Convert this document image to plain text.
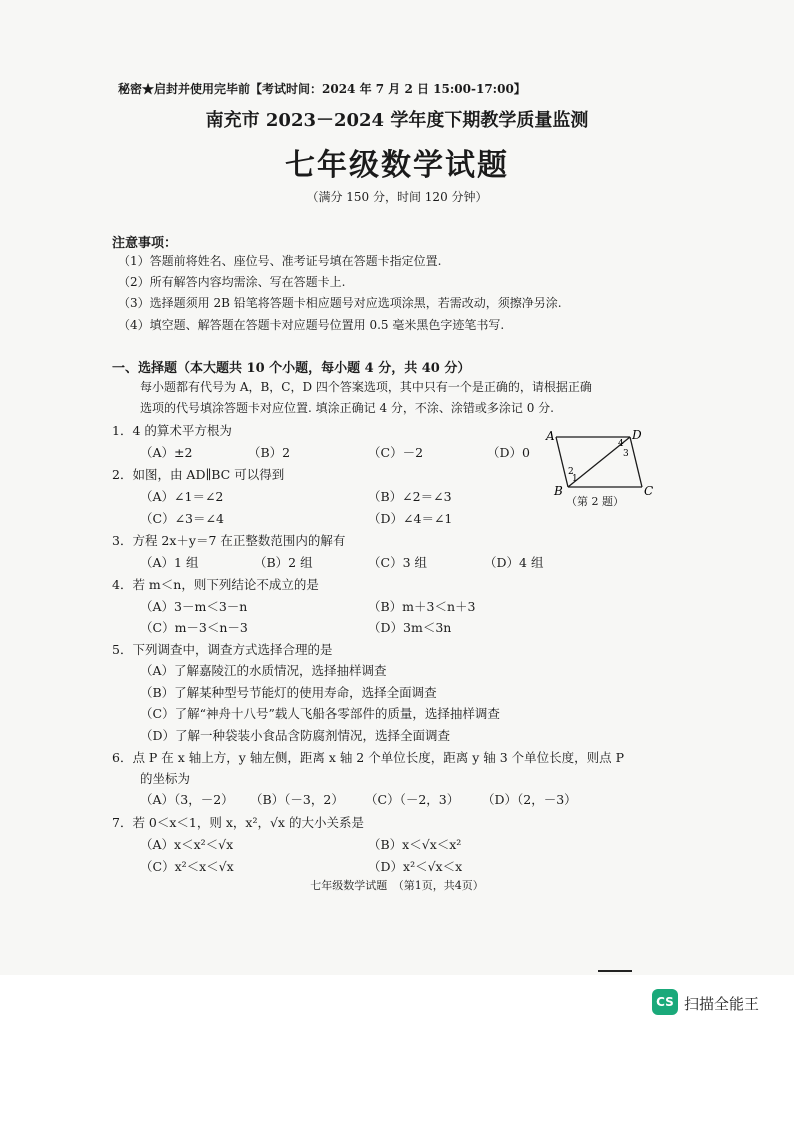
秘密★启封并使用完毕前【考试时间：2024 年 7 月 2 日 15:00-17:00】
南充市 2023－2024 学年度下期教学质量监测
七年级数学试题
（满分 150 分，时间 120 分钟）
注意事项：
（1）答题前将姓名、座位号、准考证号填在答题卡指定位置.
（2）所有解答内容均需涂、写在答题卡上.
（3）选择题须用 2B 铅笔将答题卡相应题号对应选项涂黑，若需改动，须擦净另涂.
（4）填空题、解答题在答题卡对应题号位置用 0.5 毫米黑色字迹笔书写.
一、选择题（本大题共 10 个小题，每小题 4 分，共 40 分）
每小题都有代号为 A，B，C，D 四个答案选项，其中只有一个是正确的，请根据正确
选项的代号填涂答题卡对应位置. 填涂正确记 4 分，不涂、涂错或多涂记 0 分.
1．4 的算术平方根为
（A）±2	（B）2	（C）－2	（D）0
2．如图，由 AD∥BC 可以得到
（A）∠1＝∠2	（B）∠2＝∠3
（C）∠3＝∠4	（D）∠4＝∠1
A	D
B	C
1
2
3
4
（第 2 题）
3．方程 2x＋y＝7 在正整数范围内的解有
（A）1 组	（B）2 组	（C）3 组	（D）4 组
4．若 m＜n，则下列结论不成立的是
（A）3－m＜3－n	（B）m＋3＜n＋3
（C）m－3＜n－3	（D）3m＜3n
5．下列调查中，调查方式选择合理的是
（A）了解嘉陵江的水质情况，选择抽样调查
（B）了解某种型号节能灯的使用寿命，选择全面调查
（C）了解“神舟十八号”载人飞船各零部件的质量，选择抽样调查
（D）了解一种袋装小食品含防腐剂情况，选择全面调查
6．点 P 在 x 轴上方，y 轴左侧，距离 x 轴 2 个单位长度，距离 y 轴 3 个单位长度，则点 P
的坐标为
（A）（3，－2） （B）（－3，2） （C）（－2，3） （D）（2，－3）
7．若 0＜x＜1，则 x，x²，√x 的大小关系是
（A）x＜x²＜√x	（B）x＜√x＜x²
（C）x²＜x＜√x	（D）x²＜√x＜x
七年级数学试题　（第1页，共4页）
CS 扫描全能王
